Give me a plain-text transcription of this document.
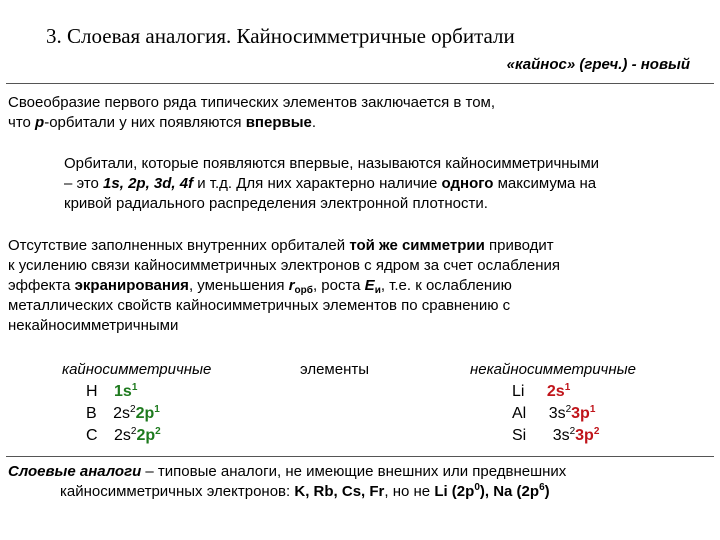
3. Слоевая аналогия. Кайносимметричные орбитали
«кайнос» (греч.) - новый
Своеобразие первого ряда типических элементов заключается в том,
что p-орбитали у них появляются впервые.
Орбитали, которые появляются впервые, называются кайносимметричными
– это 1s, 2p, 3d, 4f и т.д. Для них характерно наличие одного максимума на
кривой радиального распределения электронной плотности.
Отсутствие заполненных внутренних орбиталей той же симметрии приводит
к усилению связи кайносимметричных электронов с ядром за счет ослабления
эффекта экранирования, уменьшения $r_{орб}$, роста $E_и$, т.е. к ослаблению
металлических свойств кайносимметричных элементов по сравнению с
некайносимметричными
кайносимметричные	элементы	некайносимметричные
H $1s^1$
B $2s^22p^1$
C $2s^22p^2$
Li $2s^1$
Al $3s^23p^1$
Si $3s^23p^2$
Слоевые аналоги – типовые аналоги, не имеющие внешних или предвнешних
кайносимметричных электронов: K, Rb, Cs, Fr, но не Li $(2p^0)$, Na $(2p^6)$
